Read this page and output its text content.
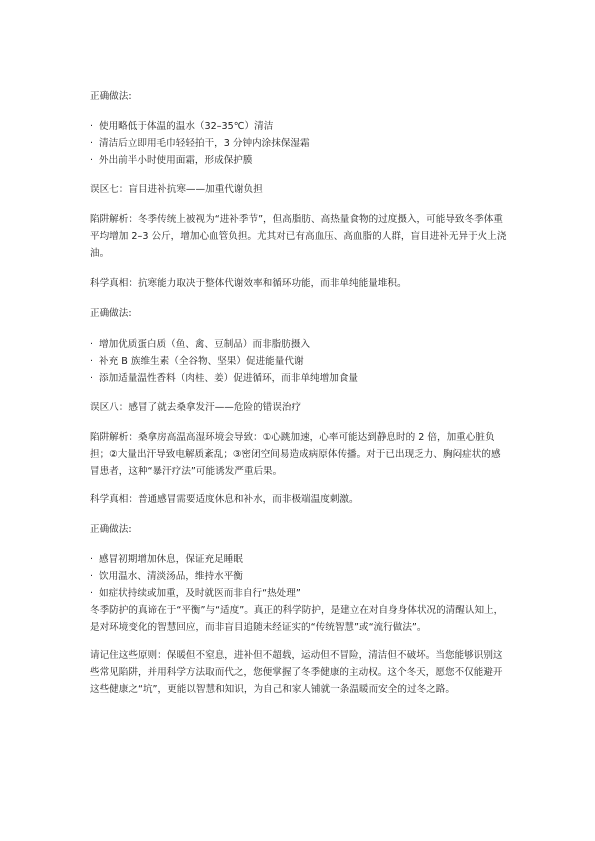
正确做法:

· 使用略低于体温的温水（32–35℃）清洁

· 清洁后立即用毛巾轻轻拍干，3 分钟内涂抹保湿霜

· 外出前半小时使用面霜，形成保护膜

误区七：盲目进补抗寒——加重代谢负担

陷阱解析：冬季传统上被视为“进补季节”，但高脂肪、高热量食物的过度摄入，可能导致冬季体重平均增加 2–3 公斤，增加心血管负担。尤其对已有高血压、高血脂的人群，盲目进补无异于火上浇油。

科学真相：抗寒能力取决于整体代谢效率和循环功能，而非单纯能量堆积。

正确做法:

· 增加优质蛋白质（鱼、禽、豆制品）而非脂肪摄入

· 补充 B 族维生素（全谷物、坚果）促进能量代谢

· 添加适量温性香料（肉桂、姜）促进循环，而非单纯增加食量

误区八：感冒了就去桑拿发汗——危险的错误治疗

陷阱解析：桑拿房高温高湿环境会导致：①心跳加速，心率可能达到静息时的 2 倍，加重心脏负担；②大量出汗导致电解质紊乱；③密闭空间易造成病原体传播。对于已出现乏力、胸闷症状的感冒患者，这种“暴汗疗法”可能诱发严重后果。

科学真相：普通感冒需要适度休息和补水，而非极端温度刺激。

正确做法:

· 感冒初期增加休息，保证充足睡眠

· 饮用温水、清淡汤品，维持水平衡

· 如症状持续或加重，及时就医而非自行“热处理”

冬季防护的真谛在于“平衡”与“适度”。真正的科学防护，是建立在对自身身体状况的清醒认知上，是对环境变化的智慧回应，而非盲目追随未经证实的“传统智慧”或“流行做法”。

请记住这些原则：保暖但不窒息，进补但不超载，运动但不冒险，清洁但不破坏。当您能够识别这些常见陷阱，并用科学方法取而代之，您便掌握了冬季健康的主动权。这个冬天，愿您不仅能避开这些健康之“坑”，更能以智慧和知识，为自己和家人铺就一条温暖而安全的过冬之路。
